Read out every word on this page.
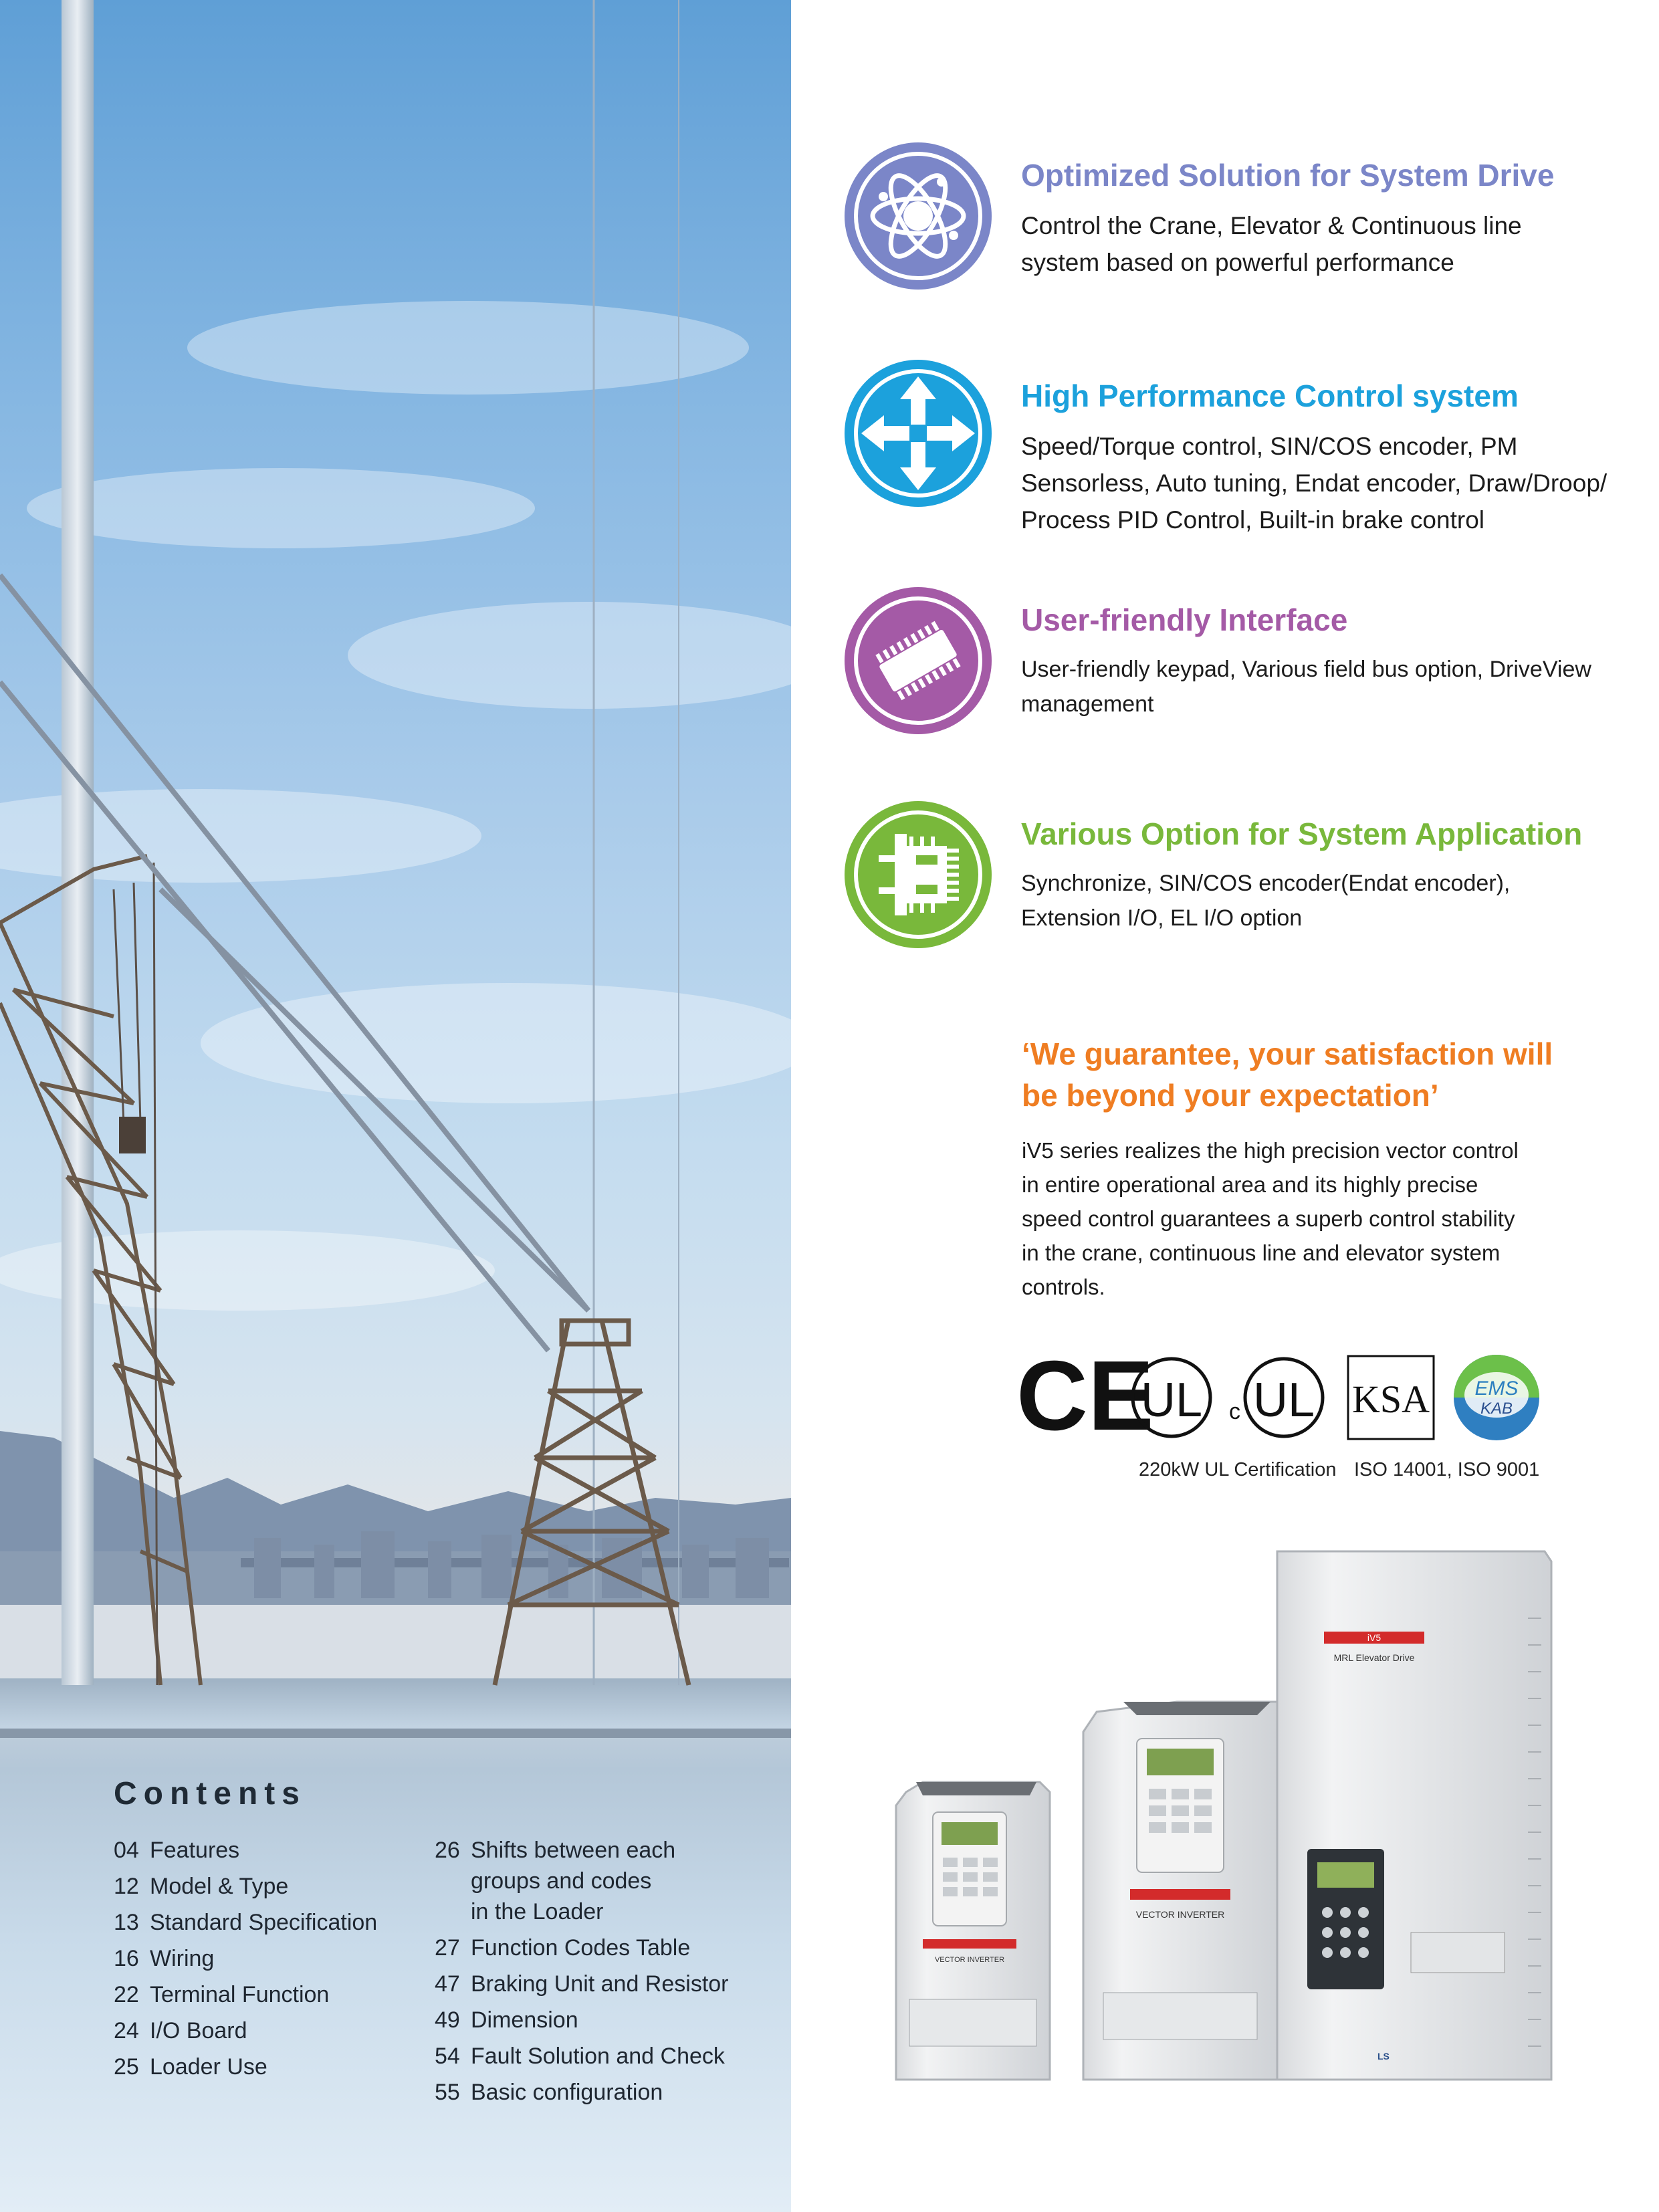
Contents
04 Features
12 Model & Type
13 Standard Specification
16 Wiring
22 Terminal Function
24 I/O Board
25 Loader Use
26 Shifts between each
groups and codes
in the Loader
27 Function Codes Table
47 Braking Unit and Resistor
49 Dimension
54 Fault Solution and Check
55 Basic configuration
Optimized Solution for System Drive
Control the Crane, Elevator & Continuous line system based on powerful performance
High Performance Control system
Speed/Torque control, SIN/COS encoder, PM Sensorless, Auto tuning, Endat encoder, Draw/Droop/ Process PID Control, Built-in brake control
User-friendly Interface
User-friendly keypad, Various field bus option, DriveView management
Various Option for System Application
Synchronize, SIN/COS encoder(Endat encoder), Extension I/O, EL I/O option
‘We guarantee, your satisfaction will be beyond your expectation’
iV5 series realizes the high precision vector control in entire operational area and its highly precise speed control guarantees a superb control stability in the crane, continuous line and elevator system controls.
CE
UL c UL KSA EMS
KAB
220kW UL Certification ISO 14001, ISO 9001
iV5
MRL Elevator Drive
LS
VECTOR INVERTER
VECTOR INVERTER
